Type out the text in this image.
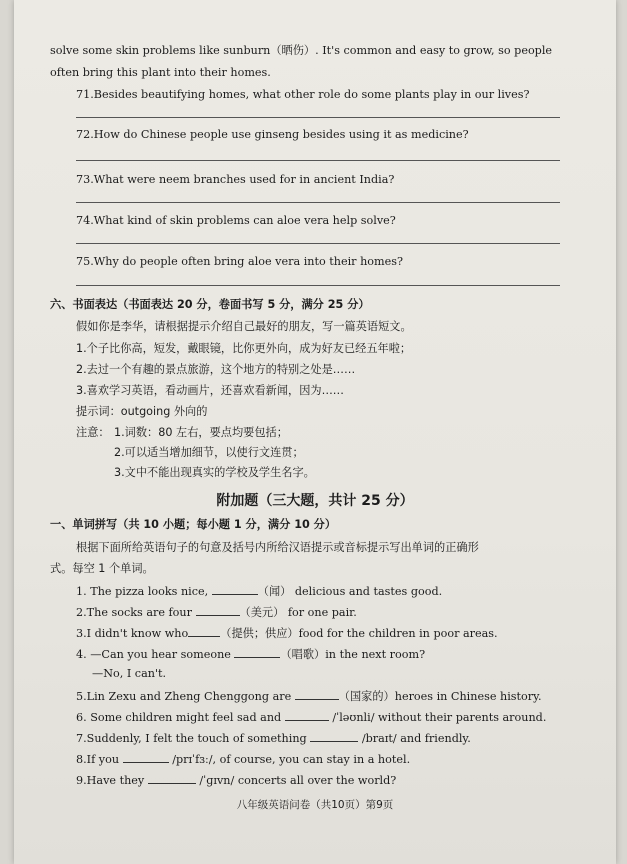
solve some skin problems like sunburn（晒伤）. It's common and easy to grow, so people
often bring this plant into their homes.
71.Besides beautifying homes, what other role do some plants play in our lives?
72.How do Chinese people use ginseng besides using it as medicine?
73.What were neem branches used for in ancient India?
74.What kind of skin problems can aloe vera help solve?
75.Why do people often bring aloe vera into their homes?
六、书面表达（书面表达 20 分，卷面书写 5 分，满分 25 分）
假如你是李华，请根据提示介绍自己最好的朋友，写一篇英语短文。
1.个子比你高，短发，戴眼镜，比你更外向，成为好友已经五年啦；
2.去过一个有趣的景点旅游，这个地方的特别之处是……
3.喜欢学习英语，看动画片，还喜欢看新闻，因为……
提示词：outgoing 外向的
注意： 1.词数：80 左右，要点均要包括；
2.可以适当增加细节，以使行文连贯；
3.文中不能出现真实的学校及学生名字。
附加题（三大题，共计 25 分）
一、单词拼写（共 10 小题；每小题 1 分，满分 10 分）
根据下面所给英语句子的句意及括号内所给汉语提示或音标提示写出单词的正确形
式。每空 1 个单词。
1. The pizza looks nice,	（闻） delicious and tastes good.
2.The socks are four	（美元） for one pair.
3.I didn't know who	（提供；供应）food for the children in poor areas.
4. —Can you hear someone	（唱歌）in the next room?
—No, I can't.
5.Lin Zexu and Zheng Chenggong are	（国家的）heroes in Chinese history.
6. Some children might feel sad and	/ˈləʊnli/ without their parents around.
7.Suddenly, I felt the touch of something	/braɪt/ and friendly.
8.If you	/prɪˈfɜː/, of course, you can stay in a hotel.
9.Have they	/ˈɡɪvn/ concerts all over the world?
八年级英语问卷（共10页）第9页
